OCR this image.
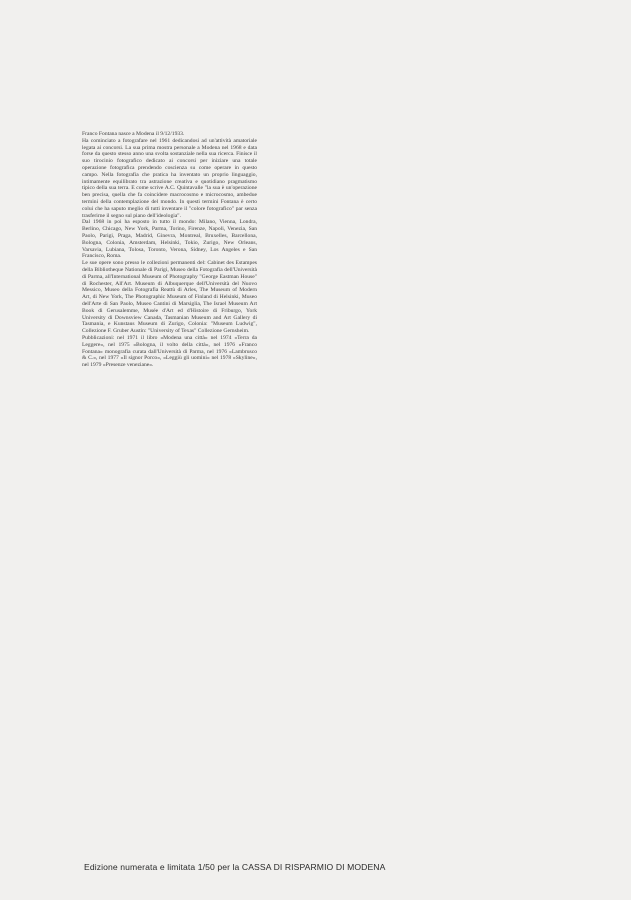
Franco Fontana nasce a Modena il 9/12/1933.

Ha cominciato a fotografare nel 1961 dedicandosi ad un'attività amatoriale legata ai concorsi. La sua prima mostra personale a Modena nel 1968 e data forse da questo stesso anno una svolta sostanziale nella sua ricerca. Finisce il suo tirocinio fotografico dedicato ai concorsi per iniziare una totale operazione fotografica prendendo coscienza su come operare in questo campo. Nella fotografia che pratica ha inventato un proprio linguaggio, intimamente equilibrato tra astrazione creativa e quotidiano pragmatismo tipico della sua terra. E come scrive A.C. Quintavalle "la sua è un'operazione ben precisa, quella che fa coincidere macrocosmo e microcosmo, ambedue termini della contemplazione del mondo. In questi termini Fontana è certo colui che ha saputo meglio di tutti inventare il "colore fotografico" par senza trasferirne il segno sul piano dell'ideologia".

Dal 1968 in poi ha esposto in tutto il mondo: Milano, Vienna, Londra, Berlino, Chicago, New York, Parma, Torino, Firenze, Napoli, Venezia, San Paolo, Parigi, Praga, Madrid, Ginevra, Montreal, Bruxelles, Barcellona, Bologna, Colonia, Amsterdam, Helsinki, Tokio, Zurigo, New Orleans, Varsavia, Lubiana, Tolosa, Toronto, Verona, Sidney, Los Angeles e San Francisco, Roma.

Le sue opere sono presso le collezioni permanenti del: Cabinet des Estampes della Bibliotheque Nationale di Parigi, Museo della Fotografia dell'Università di Parma, all'International Museum of Photography "George Eastman House" di Rochester, All'Art. Museum di Albuquerque dell'Università del Nuovo Messico, Museo della Fotografia Reattù di Arles, The Museum of Modern Art, di New York, The Photographic Museum of Finland di Helsinki, Museo dell'Arte di San Paolo, Museo Cantini di Marsiglia, The Israel Museum Art Book di Gerusalemme, Musée d'Art ed d'Histoire di Friburgo, York University di Downsview Canada, Tasmanian Museum and Art Gallery di Tasmania, e Kunstaus Museum di Zurigo, Colonia: "Museum Ludwig", Collezione F. Gruber Austin: "University of Texas" Collezione Gernsheim.

Pubblicazioni: nel 1971 il libro «Modena una città» nel 1974 «Terra da Leggere», nel 1975 «Bologna, il volto della città», nel 1976 «Franco Fontana» monografia curata dall'Università di Parma, nel 1976 «Lambrusco & C.», nel 1977 «Il signor Porco», «Leggiù gli uomini» nel 1978 «Skyline», nel 1979 «Presenze veneziane».

Edizione numerata e limitata 1/50 per la CASSA DI RISPARMIO DI MODENA
